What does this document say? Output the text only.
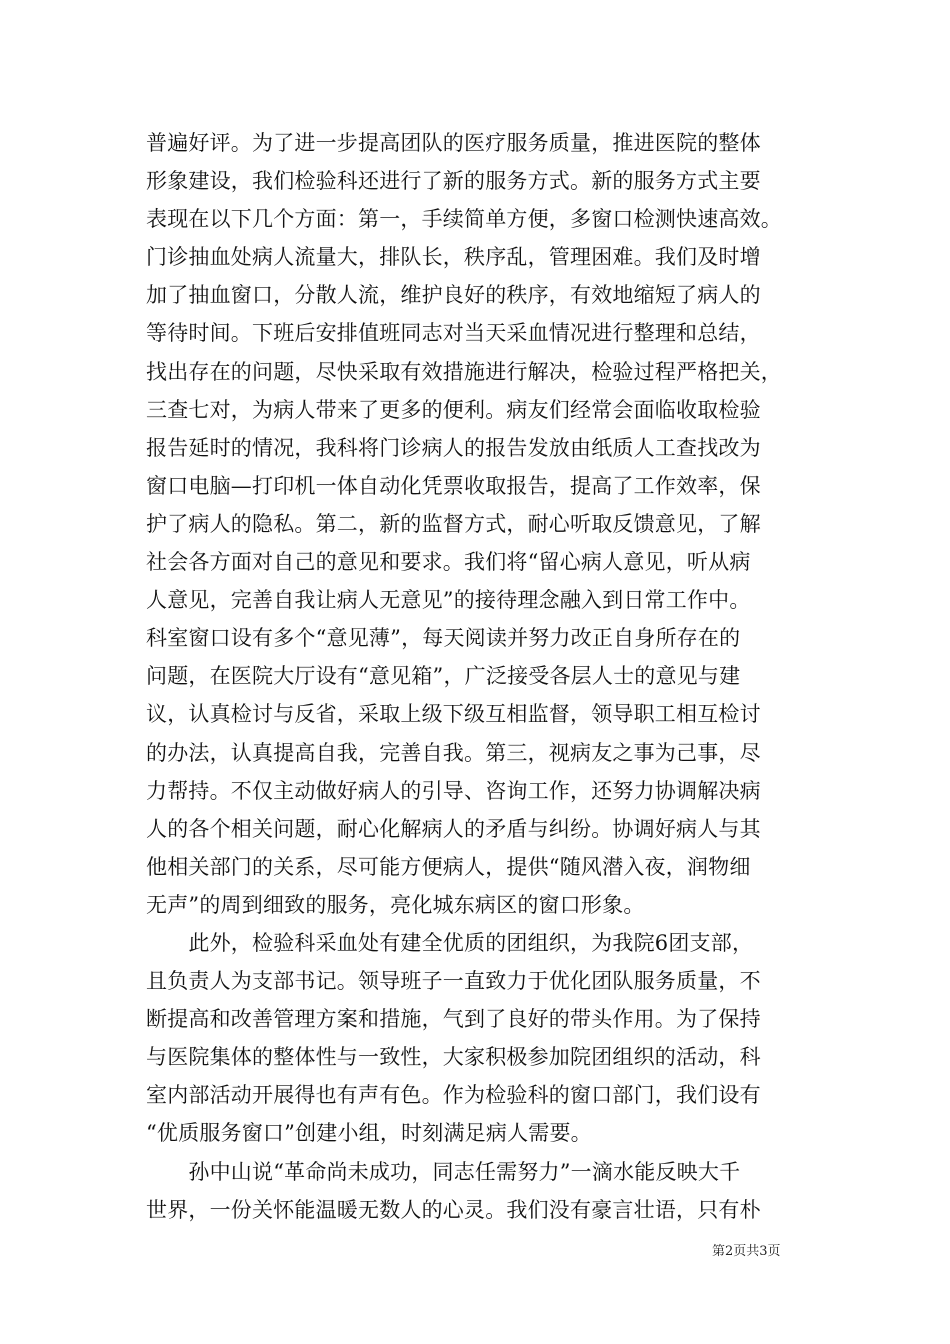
普遍好评。为了进一步提高团队的医疗服务质量，推进医院的整体
形象建设，我们检验科还进行了新的服务方式。新的服务方式主要
表现在以下几个方面：第一，手续简单方便，多窗口检测快速高效。
门诊抽血处病人流量大，排队长，秩序乱，管理困难。我们及时增
加了抽血窗口，分散人流，维护良好的秩序，有效地缩短了病人的
等待时间。下班后安排值班同志对当天采血情况进行整理和总结，
找出存在的问题，尽快采取有效措施进行解决，检验过程严格把关，
三查七对，为病人带来了更多的便利。病友们经常会面临收取检验
报告延时的情况，我科将门诊病人的报告发放由纸质人工查找改为
窗口电脑—打印机一体自动化凭票收取报告，提高了工作效率，保
护了病人的隐私。第二，新的监督方式，耐心听取反馈意见，了解
社会各方面对自己的意见和要求。我们将“留心病人意见，听从病
人意见，完善自我让病人无意见”的接待理念融入到日常工作中。
科室窗口设有多个“意见薄”，每天阅读并努力改正自身所存在的
问题，在医院大厅设有“意见箱”，广泛接受各层人士的意见与建
议，认真检讨与反省，采取上级下级互相监督，领导职工相互检讨
的办法，认真提高自我，完善自我。第三，视病友之事为己事，尽
力帮持。不仅主动做好病人的引导、咨询工作，还努力协调解决病
人的各个相关问题，耐心化解病人的矛盾与纠纷。协调好病人与其
他相关部门的关系，尽可能方便病人，提供“随风潜入夜，润物细
无声”的周到细致的服务，亮化城东病区的窗口形象。
　　此外，检验科采血处有建全优质的团组织，为我院6团支部，
且负责人为支部书记。领导班子一直致力于优化团队服务质量，不
断提高和改善管理方案和措施，气到了良好的带头作用。为了保持
与医院集体的整体性与一致性，大家积极参加院团组织的活动，科
室内部活动开展得也有声有色。作为检验科的窗口部门，我们设有
“优质服务窗口”创建小组，时刻满足病人需要。
　　孙中山说“革命尚未成功，同志任需努力”一滴水能反映大千
世界，一份关怀能温暖无数人的心灵。我们没有豪言壮语，只有朴
第2页共3页
